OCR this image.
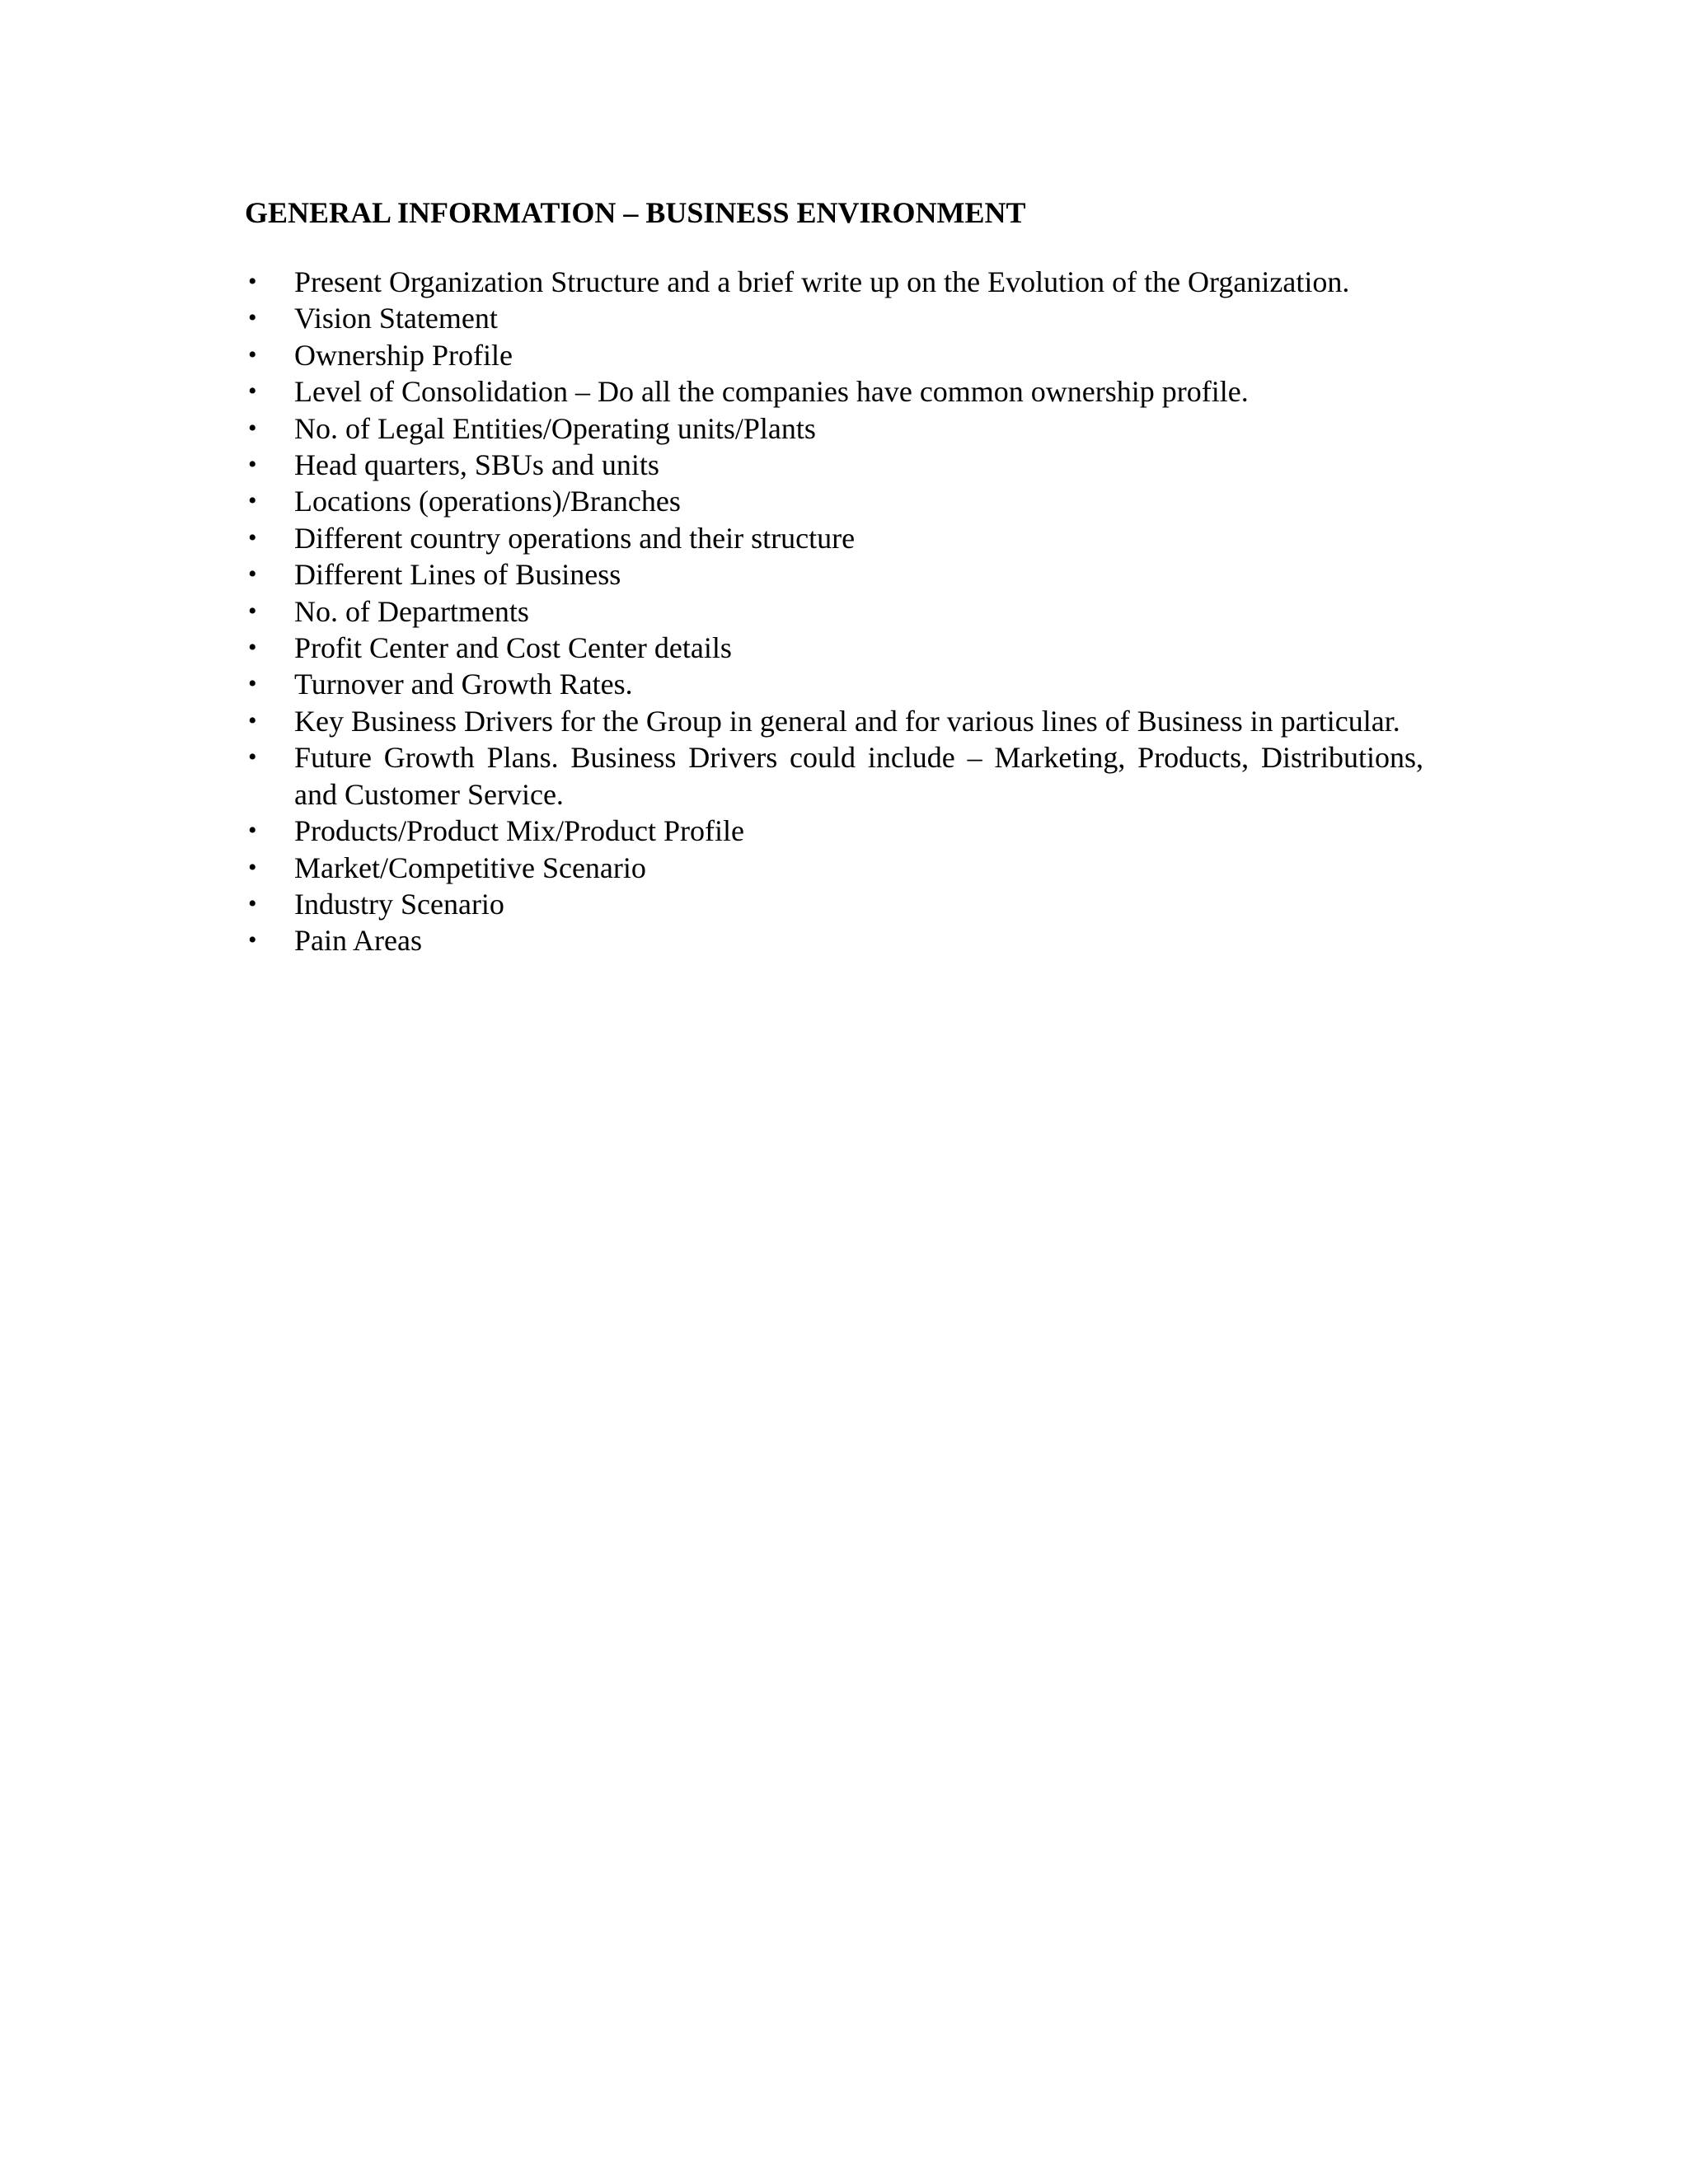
GENERAL INFORMATION – BUSINESS ENVIRONMENT
• Present Organization Structure and a brief write up on the Evolution of the Organization.
• Vision Statement
• Ownership Profile
• Level of Consolidation – Do all the companies have common ownership profile.
• No. of Legal Entities/Operating units/Plants
• Head quarters, SBUs and units
• Locations (operations)/Branches
• Different country operations and their structure
• Different Lines of Business
• No. of Departments
• Profit Center and Cost Center details
• Turnover and Growth Rates.
• Key Business Drivers for the Group in general and for various lines of Business in particular.
• Future Growth Plans. Business Drivers could include – Marketing, Products, Distributions, and Customer Service.
• Products/Product Mix/Product Profile
• Market/Competitive Scenario
• Industry Scenario
• Pain Areas
